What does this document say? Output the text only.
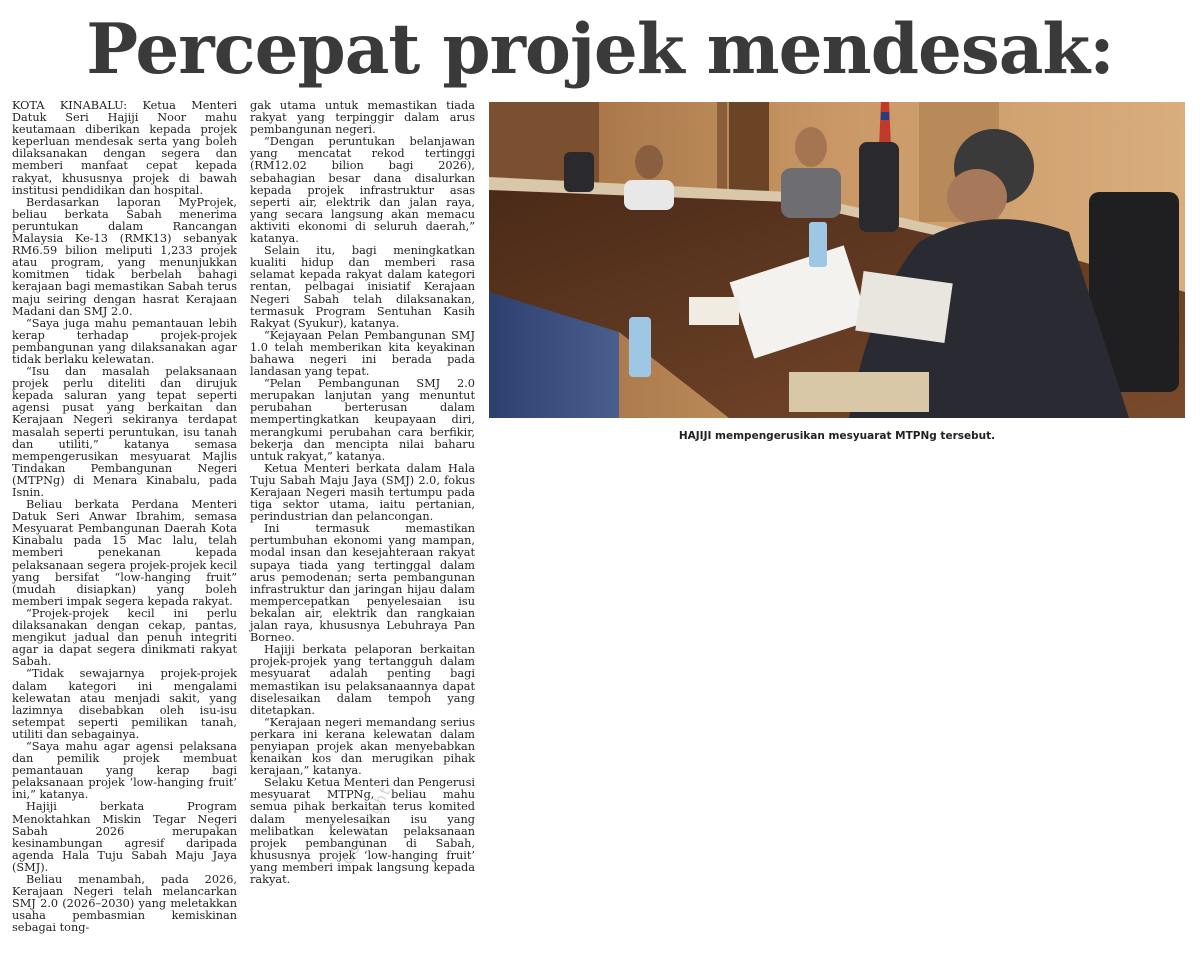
Percepat projek mendesak:

KOTA KINABALU: Ketua Menteri Datuk Seri Hajiji Noor mahu keutamaan diberikan kepada projek keperluan mendesak serta yang boleh dilaksanakan dengan segera dan memberi manfaat cepat kepada rakyat, khususnya projek di bawah institusi pendidikan dan hospital.

Berdasarkan laporan MyProjek, beliau berkata Sabah menerima peruntukan dalam Rancangan Malaysia Ke-13 (RMK13) sebanyak RM6.59 bilion meliputi 1,233 projek atau program, yang menunjukkan komitmen tidak berbelah bahagi kerajaan bagi memastikan Sabah terus maju seiring dengan hasrat Kerajaan Madani dan SMJ 2.0.

“Saya juga mahu pemantauan lebih kerap terhadap projek-projek pembangunan yang dilaksanakan agar tidak berlaku kelewatan.

“Isu dan masalah pelaksanaan projek perlu diteliti dan dirujuk kepada saluran yang tepat seperti agensi pusat yang berkaitan dan Kerajaan Negeri sekiranya terdapat masalah seperti peruntukan, isu tanah dan utiliti,” katanya semasa mempengerusikan mesyuarat Majlis Tindakan Pembangunan Negeri (MTPNg) di Menara Kinabalu, pada Isnin.

Beliau berkata Perdana Menteri Datuk Seri Anwar Ibrahim, semasa Mesyuarat Pembangunan Daerah Kota Kinabalu pada 15 Mac lalu, telah memberi penekanan kepada pelaksanaan segera projek-projek kecil yang bersifat “low-hanging fruit” (mudah disiapkan) yang boleh memberi impak segera kepada rakyat.

“Projek-projek kecil ini perlu dilaksanakan dengan cekap, pantas, mengikut jadual dan penuh integriti agar ia dapat segera dinikmati rakyat Sabah.

“Tidak sewajarnya projek-projek dalam kategori ini mengalami kelewatan atau menjadi sakit, yang lazimnya disebabkan oleh isu-isu setempat seperti pemilikan tanah, utiliti dan sebagainya.

“Saya mahu agar agensi pelaksana dan pemilik projek membuat pemantauan yang kerap bagi pelaksanaan projek ‘low-hanging fruit’ ini,” katanya.

Hajiji berkata Program Menoktahkan Miskin Tegar Negeri Sabah 2026 merupakan kesinambungan agresif daripada agenda Hala Tuju Sabah Maju Jaya (SMJ).

Beliau menambah, pada 2026, Kerajaan Negeri telah melancarkan SMJ 2.0 (2026–2030) yang meletakkan usaha pembasmian kemiskinan sebagai tong-

gak utama untuk memastikan tiada rakyat yang terpinggir dalam arus pembangunan negeri.

“Dengan peruntukan belanjawan yang mencatat rekod tertinggi (RM12.02 bilion bagi 2026), sebahagian besar dana disalurkan kepada projek infrastruktur asas seperti air, elektrik dan jalan raya, yang secara langsung akan memacu aktiviti ekonomi di seluruh daerah,” katanya.

Selain itu, bagi meningkatkan kualiti hidup dan memberi rasa selamat kepada rakyat dalam kategori rentan, pelbagai inisiatif Kerajaan Negeri Sabah telah dilaksanakan, termasuk Program Sentuhan Kasih Rakyat (Syukur), katanya.

“Kejayaan Pelan Pembangunan SMJ 1.0 telah memberikan kita keyakinan bahawa negeri ini berada pada landasan yang tepat.

“Pelan Pembangunan SMJ 2.0 merupakan lanjutan yang menuntut perubahan berterusan dalam mempertingkatkan keupayaan diri, merangkumi perubahan cara berfikir, bekerja dan mencipta nilai baharu untuk rakyat,” katanya.

Ketua Menteri berkata dalam Hala Tuju Sabah Maju Jaya (SMJ) 2.0, fokus Kerajaan Negeri masih tertumpu pada tiga sektor utama, iaitu pertanian, perindustrian dan pelancongan.

Ini termasuk memastikan pertumbuhan ekonomi yang mampan, modal insan dan kesejahteraan rakyat supaya tiada yang tertinggal dalam arus pemodenan; serta pembangunan infrastruktur dan jaringan hijau dalam mempercepatkan penyelesaian isu bekalan air, elektrik dan rangkaian jalan raya, khususnya Lebuhraya Pan Borneo.

Hajiji berkata pelaporan berkaitan projek-projek yang tertangguh dalam mesyuarat adalah penting bagi memastikan isu pelaksanaannya dapat diselesaikan dalam tempoh yang ditetapkan.

“Kerajaan negeri memandang serius perkara ini kerana kelewatan dalam penyiapan projek akan menyebabkan kenaikan kos dan merugikan pihak kerajaan,” katanya.

Selaku Ketua Menteri dan Pengerusi mesyuarat MTPNg, beliau mahu semua pihak berkaitan terus komited dalam menyelesaikan isu yang melibatkan kelewatan pelaksanaan projek pembangunan di Sabah, khususnya projek ‘low-hanging fruit’ yang memberi impak langsung kepada rakyat.

HAJIJI mempengerusikan mesyuarat MTPNg tersebut.
Copyright
